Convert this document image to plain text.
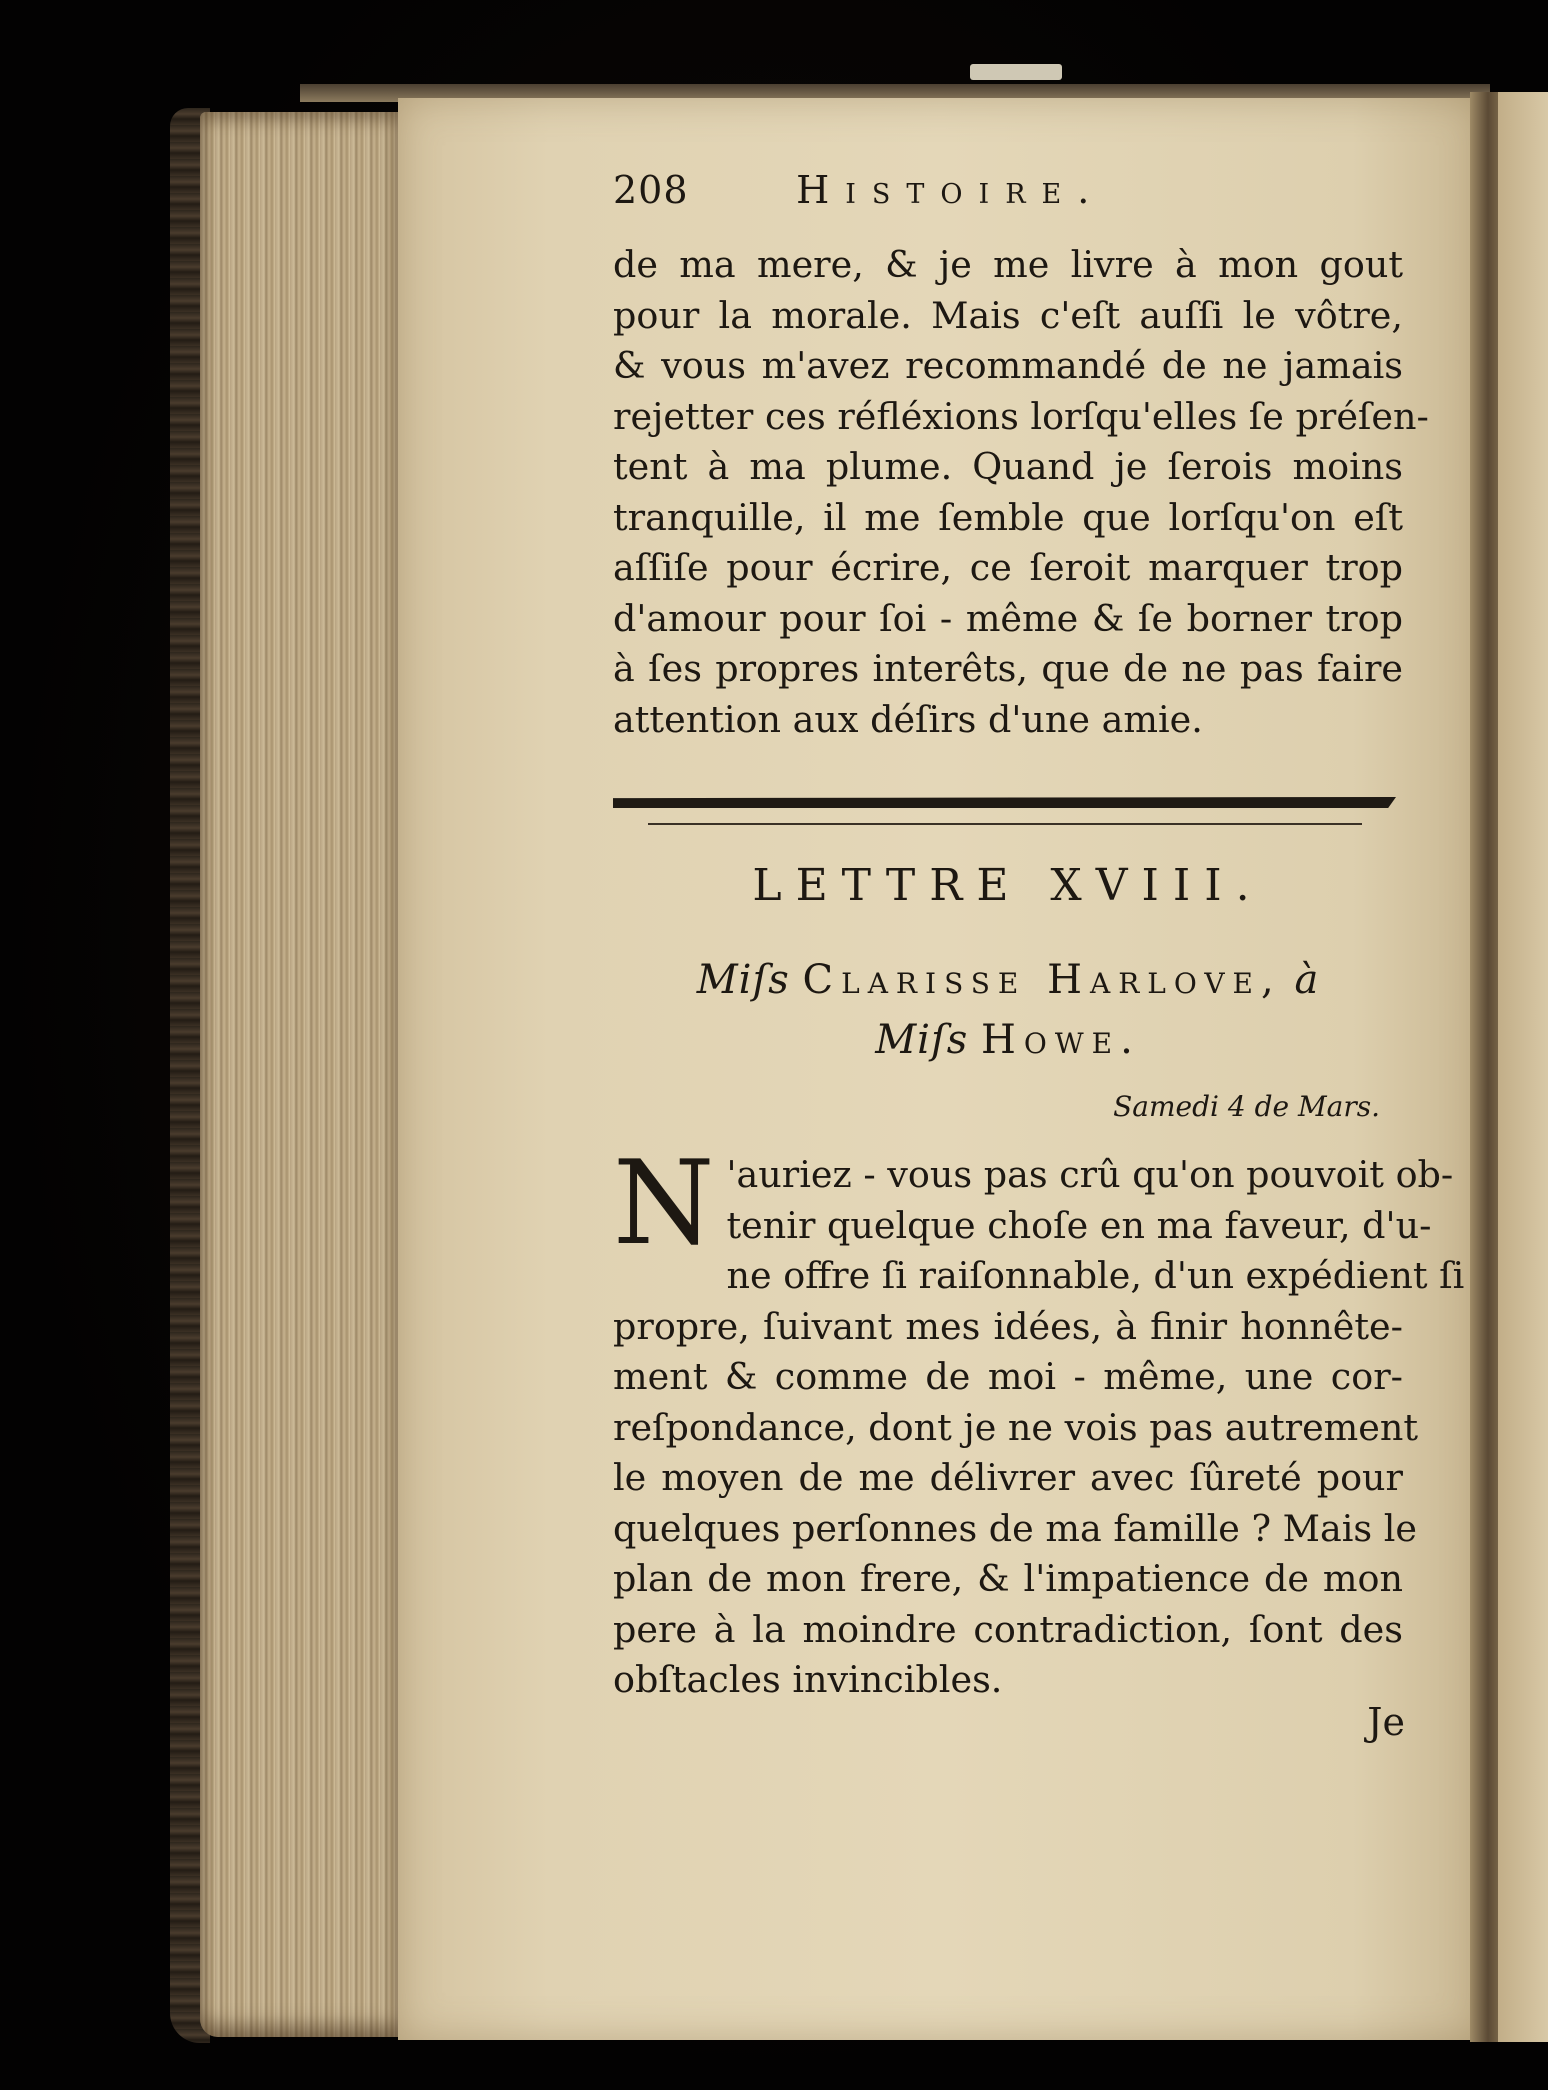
208	Histoire.
de ma mere, & je me livre à mon gout
pour la morale. Mais c'eſt auſſi le vôtre,
& vous m'avez recommandé de ne jamais
rejetter ces réfléxions lorſqu'elles ſe préſen-
tent à ma plume. Quand je ſerois moins
tranquille, il me ſemble que lorſqu'on eſt
aſſiſe pour écrire, ce ſeroit marquer trop
d'amour pour ſoi - même & ſe borner trop
à ſes propres interêts, que de ne pas faire
attention aux déſirs d'une amie.
LETTRE XVIII.
Miſs Clarisse Harlove, à
Miſs Howe.
Samedi 4 de Mars.
N 'auriez - vous pas crû qu'on pouvoit ob-
tenir quelque choſe en ma faveur, d'u-
ne offre ſi raiſonnable, d'un expédient ſi
propre, ſuivant mes idées, à finir honnête-
ment & comme de moi - même, une cor-
reſpondance, dont je ne vois pas autrement
le moyen de me délivrer avec ſûreté pour
quelques perſonnes de ma famille ? Mais le
plan de mon frere, & l'impatience de mon
pere à la moindre contradiction, ſont des
obſtacles invincibles.
Je
